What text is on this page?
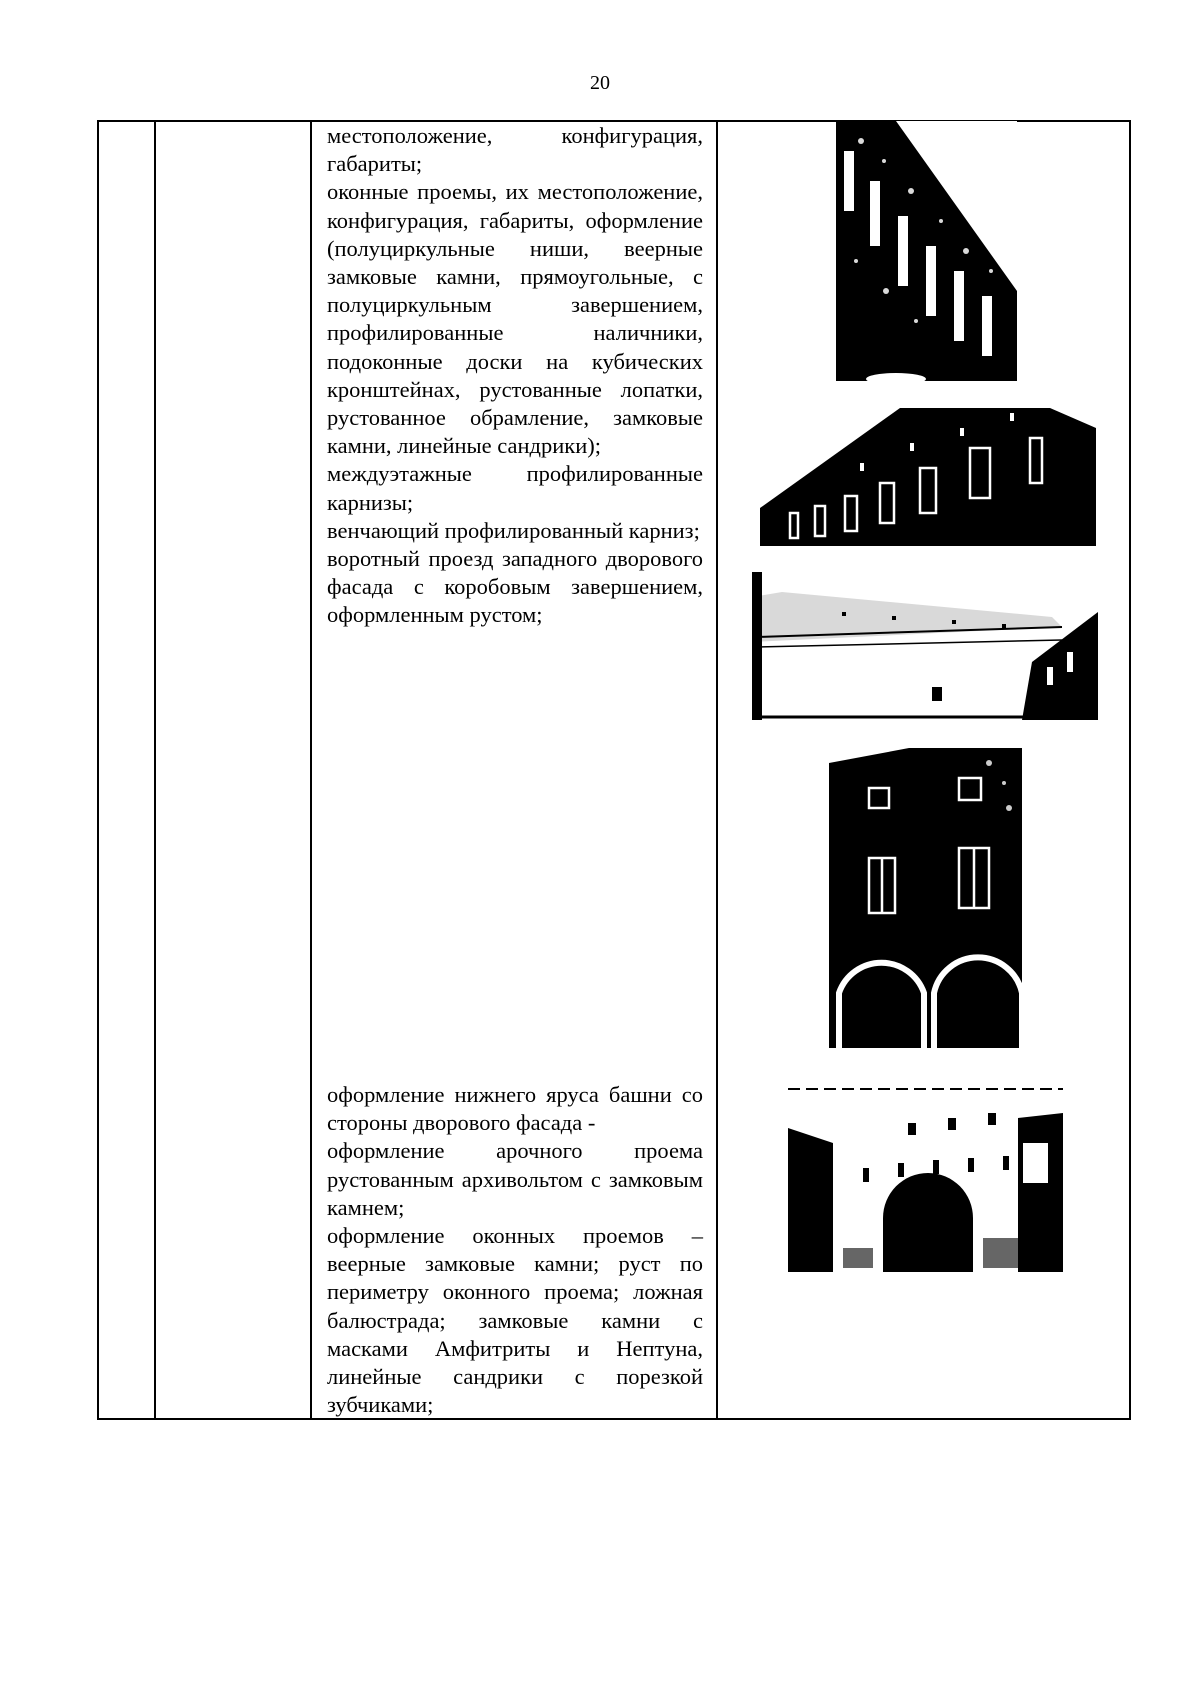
20

местоположение, конфигурация, габариты;

оконные проемы, их местоположение, конфигурация, габариты, оформление (полуциркульные ниши, веерные замковые камни, прямоугольные, с полуциркульным завершением, профилированные наличники, подоконные доски на кубических кронштейнах, рустованные лопатки, рустованное обрамление, замковые камни, линейные сандрики);

междуэтажные профилированные карнизы;

венчающий профилированный карниз;

воротный проезд западного дворового фасада с коробовым завершением, оформленным рустом;

оформление нижнего яруса башни со стороны дворового фасада -

оформление арочного проема рустованным архивольтом с замковым камнем;

оформление оконных проемов – веерные замковые камни; руст по периметру оконного проема; ложная балюстрада; замковые камни с масками Амфитриты и Нептуна, линейные сандрики с порезкой зубчиками;
